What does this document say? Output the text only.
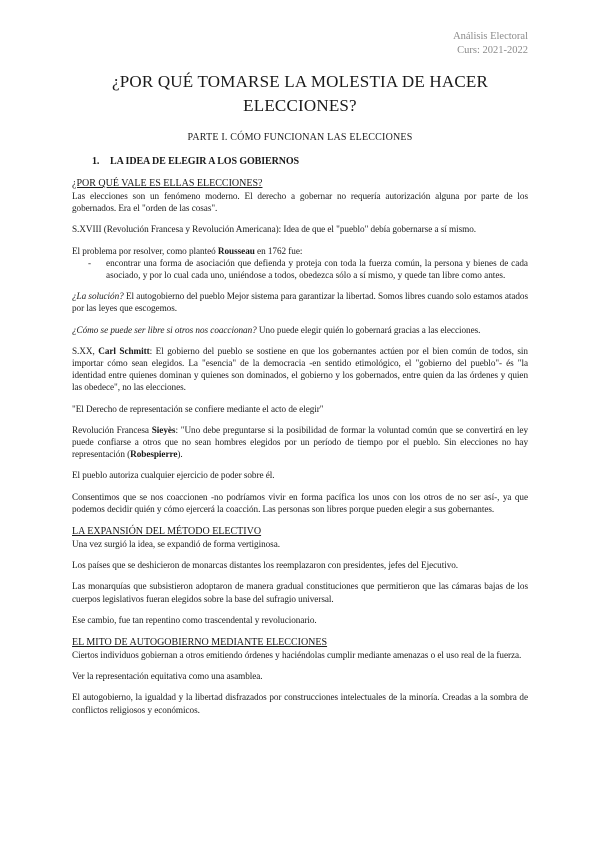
Análisis Electoral
Curs: 2021-2022
¿POR QUÉ TOMARSE LA MOLESTIA DE HACER ELECCIONES?
PARTE I. CÓMO FUNCIONAN LAS ELECCIONES
1. LA IDEA DE ELEGIR A LOS GOBIERNOS
¿POR QUÉ VALE ES ELLAS ELECCIONES?

Las elecciones son un fenómeno moderno. El derecho a gobernar no requería autorización alguna por parte de los gobernados. Era el "orden de las cosas".

S.XVIII (Revolución Francesa y Revolución Americana): Idea de que el "pueblo" debía gobernarse a sí mismo.

El problema por resolver, como planteó Rousseau en 1762 fue:

- encontrar una forma de asociación que defienda y proteja con toda la fuerza común, la persona y bienes de cada asociado, y por lo cual cada uno, uniéndose a todos, obedezca sólo a sí mismo, y quede tan libre como antes.

¿La solución? El autogobierno del pueblo Mejor sistema para garantizar la libertad. Somos libres cuando solo estamos atados por las leyes que escogemos.

¿Cómo se puede ser libre si otros nos coaccionan? Uno puede elegir quién lo gobernará gracias a las elecciones.

S.XX, Carl Schmitt: El gobierno del pueblo se sostiene en que los gobernantes actúen por el bien común de todos, sin importar cómo sean elegidos. La "esencia" de la democracia -en sentido etimológico, el "gobierno del pueblo"- és "la identidad entre quienes dominan y quienes son dominados, el gobierno y los gobernados, entre quien da las órdenes y quien las obedece", no las elecciones.

"El Derecho de representación se confiere mediante el acto de elegir"

Revolución Francesa Sieyès: "Uno debe preguntarse si la posibilidad de formar la voluntad común que se convertirá en ley puede confiarse a otros que no sean hombres elegidos por un período de tiempo por el pueblo. Sin elecciones no hay representación (Robespierre).

El pueblo autoriza cualquier ejercicio de poder sobre él.

Consentimos que se nos coaccionen -no podríamos vivir en forma pacífica los unos con los otros de no ser así-, ya que podemos decidir quién y cómo ejercerá la coacción. Las personas son libres porque pueden elegir a sus gobernantes.

LA EXPANSIÓN DEL MÉTODO ELECTIVO

Una vez surgió la idea, se expandió de forma vertiginosa.

Los países que se deshicieron de monarcas distantes los reemplazaron con presidentes, jefes del Ejecutivo.

Las monarquías que subsistieron adoptaron de manera gradual constituciones que permitieron que las cámaras bajas de los cuerpos legislativos fueran elegidos sobre la base del sufragio universal.

Ese cambio, fue tan repentino como trascendental y revolucionario.

EL MITO DE AUTOGOBIERNO MEDIANTE ELECCIONES

Ciertos individuos gobiernan a otros emitiendo órdenes y haciéndolas cumplir mediante amenazas o el uso real de la fuerza.

Ver la representación equitativa como una asamblea.

El autogobierno, la igualdad y la libertad disfrazados por construcciones intelectuales de la minoría. Creadas a la sombra de conflictos religiosos y económicos.
